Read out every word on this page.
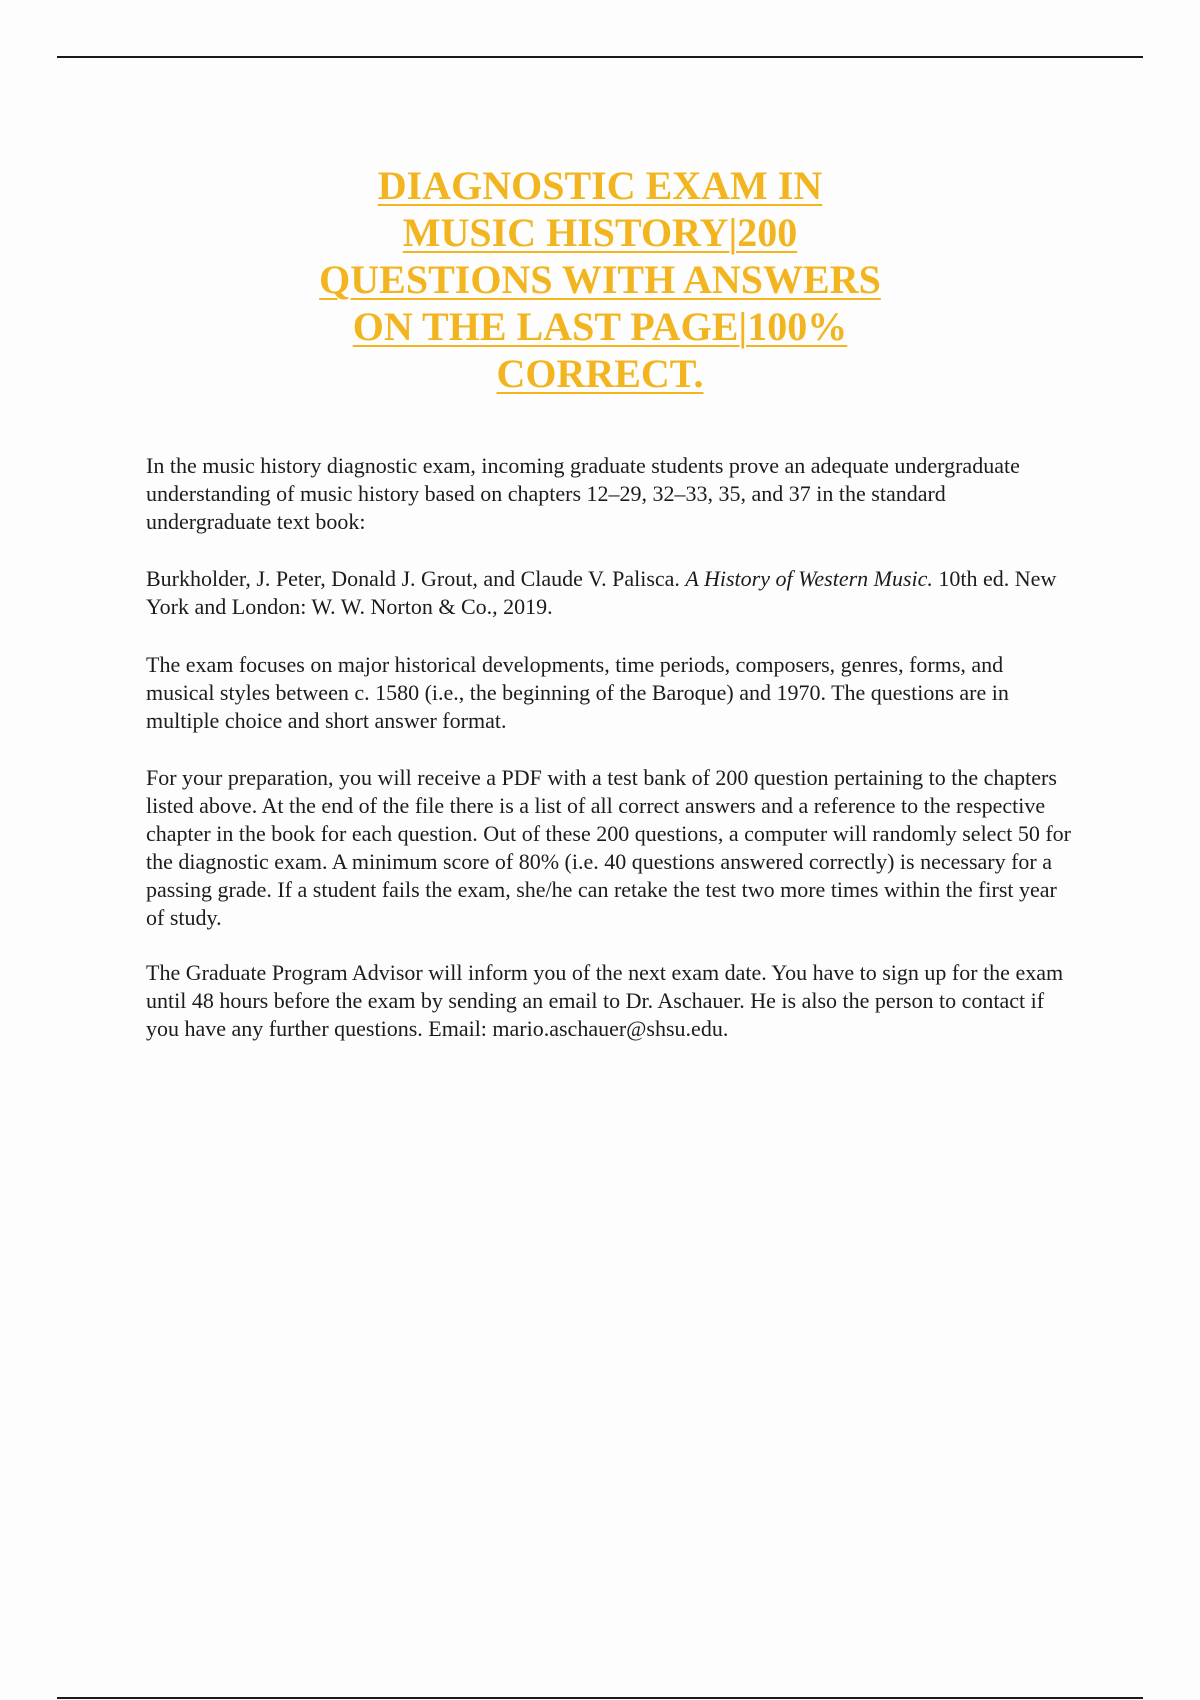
DIAGNOSTIC EXAM IN
MUSIC HISTORY|200
QUESTIONS WITH ANSWERS
ON THE LAST PAGE|100%
CORRECT.

In the music history diagnostic exam, incoming graduate students prove an adequate undergraduate understanding of music history based on chapters 12–29, 32–33, 35, and 37 in the standard undergraduate text book:

Burkholder, J. Peter, Donald J. Grout, and Claude V. Palisca. A History of Western Music. 10th ed. New York and London: W. W. Norton & Co., 2019.

The exam focuses on major historical developments, time periods, composers, genres, forms, and musical styles between c. 1580 (i.e., the beginning of the Baroque) and 1970. The questions are in multiple choice and short answer format.

For your preparation, you will receive a PDF with a test bank of 200 question pertaining to the chapters listed above. At the end of the file there is a list of all correct answers and a reference to the respective chapter in the book for each question. Out of these 200 questions, a computer will randomly select 50 for the diagnostic exam. A minimum score of 80% (i.e. 40 questions answered correctly) is necessary for a passing grade. If a student fails the exam, she/he can retake the test two more times within the first year of study.

The Graduate Program Advisor will inform you of the next exam date. You have to sign up for the exam until 48 hours before the exam by sending an email to Dr. Aschauer. He is also the person to contact if you have any further questions. Email: mario.aschauer@shsu.edu.
